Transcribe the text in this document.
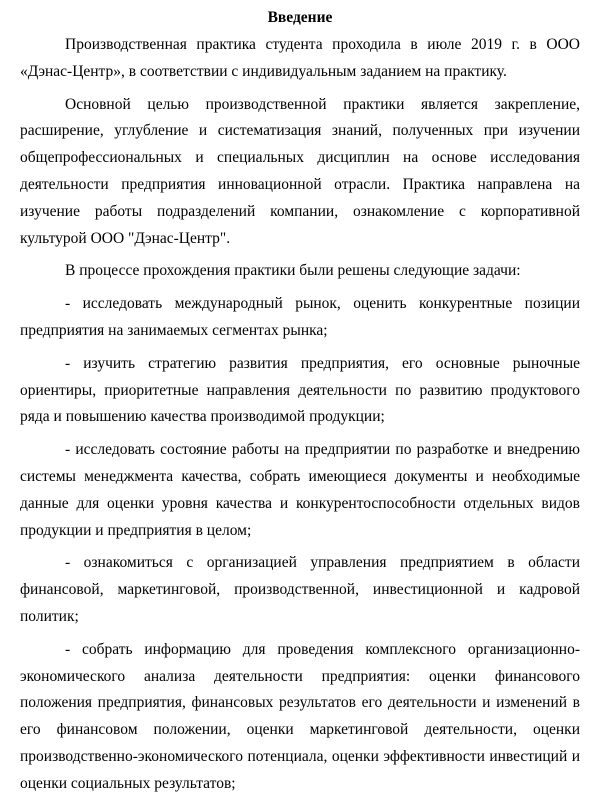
Введение

Производственная практика студента проходила в июле 2019 г. в ООО «Дэнас-Центр», в соответствии с индивидуальным заданием на практику.

Основной целью производственной практики является закрепление, расширение, углубление и систематизация знаний, полученных при изучении общепрофессиональных и специальных дисциплин на основе исследования деятельности предприятия инновационной отрасли. Практика направлена на изучение работы подразделений компании, ознакомление с корпоративной культурой ООО "Дэнас-Центр".

В процессе прохождения практики были решены следующие задачи:

- исследовать международный рынок, оценить конкурентные позиции предприятия на занимаемых сегментах рынка;

- изучить стратегию развития предприятия, его основные рыночные ориентиры, приоритетные направления деятельности по развитию продуктового ряда и повышению качества производимой продукции;

- исследовать состояние работы на предприятии по разработке и внедрению системы менеджмента качества, собрать имеющиеся документы и необходимые данные для оценки уровня качества и конкурентоспособности отдельных видов продукции и предприятия в целом;

- ознакомиться с организацией управления предприятием в области финансовой, маркетинговой, производственной, инвестиционной и кадровой политик;

- собрать информацию для проведения комплексного организационно-экономического анализа деятельности предприятия: оценки финансового положения предприятия, финансовых результатов его деятельности и изменений в его финансовом положении, оценки маркетинговой деятельности, оценки производственно-экономического потенциала, оценки эффективности инвестиций и оценки социальных результатов;
